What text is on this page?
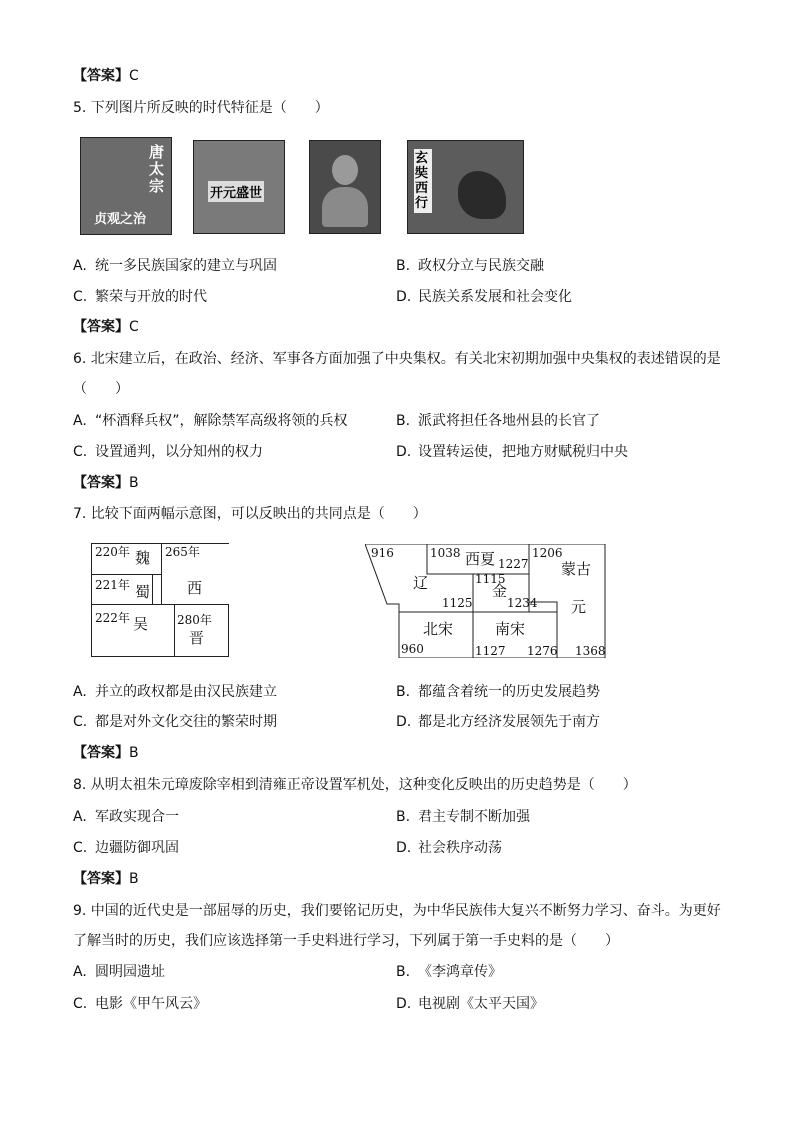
【答案】C
5. 下列图片所反映的时代特征是（　　）
唐太宗
贞观之治
开元盛世
玄奘西行
A. 统一多民族国家的建立与巩固	B. 政权分立与民族交融
C. 繁荣与开放的时代	D. 民族关系发展和社会变化
【答案】C
6. 北宋建立后，在政治、经济、军事各方面加强了中央集权。有关北宋初期加强中央集权的表述错误的是
（　　）
A. “杯酒释兵权”，解除禁军高级将领的兵权	B. 派武将担任各地州县的长官了
C. 设置通判，以分知州的权力	D. 设置转运使，把地方财赋税归中央
【答案】B
7. 比较下面两幅示意图，可以反映出的共同点是（　　）
220年 魏 265年
西
221年 蜀
222年 吴 280年
晋
916
辽
1125
960
北宋
1038 西夏 1227
1115
金
1234
1206
蒙古
元
1368
南宋
1127 1276
A. 并立的政权都是由汉民族建立	B. 都蕴含着统一的历史发展趋势
C. 都是对外文化交往的繁荣时期	D. 都是北方经济发展领先于南方
【答案】B
8. 从明太祖朱元璋废除宰相到清雍正帝设置军机处，这种变化反映出的历史趋势是（　　）
A. 军政实现合一	B. 君主专制不断加强
C. 边疆防御巩固	D. 社会秩序动荡
【答案】B
9. 中国的近代史是一部屈辱的历史，我们要铭记历史，为中华民族伟大复兴不断努力学习、奋斗。为更好
了解当时的历史，我们应该选择第一手史料进行学习，下列属于第一手史料的是（　　）
A. 圆明园遗址	B. 《李鸿章传》
C. 电影《甲午风云》	D. 电视剧《太平天国》
